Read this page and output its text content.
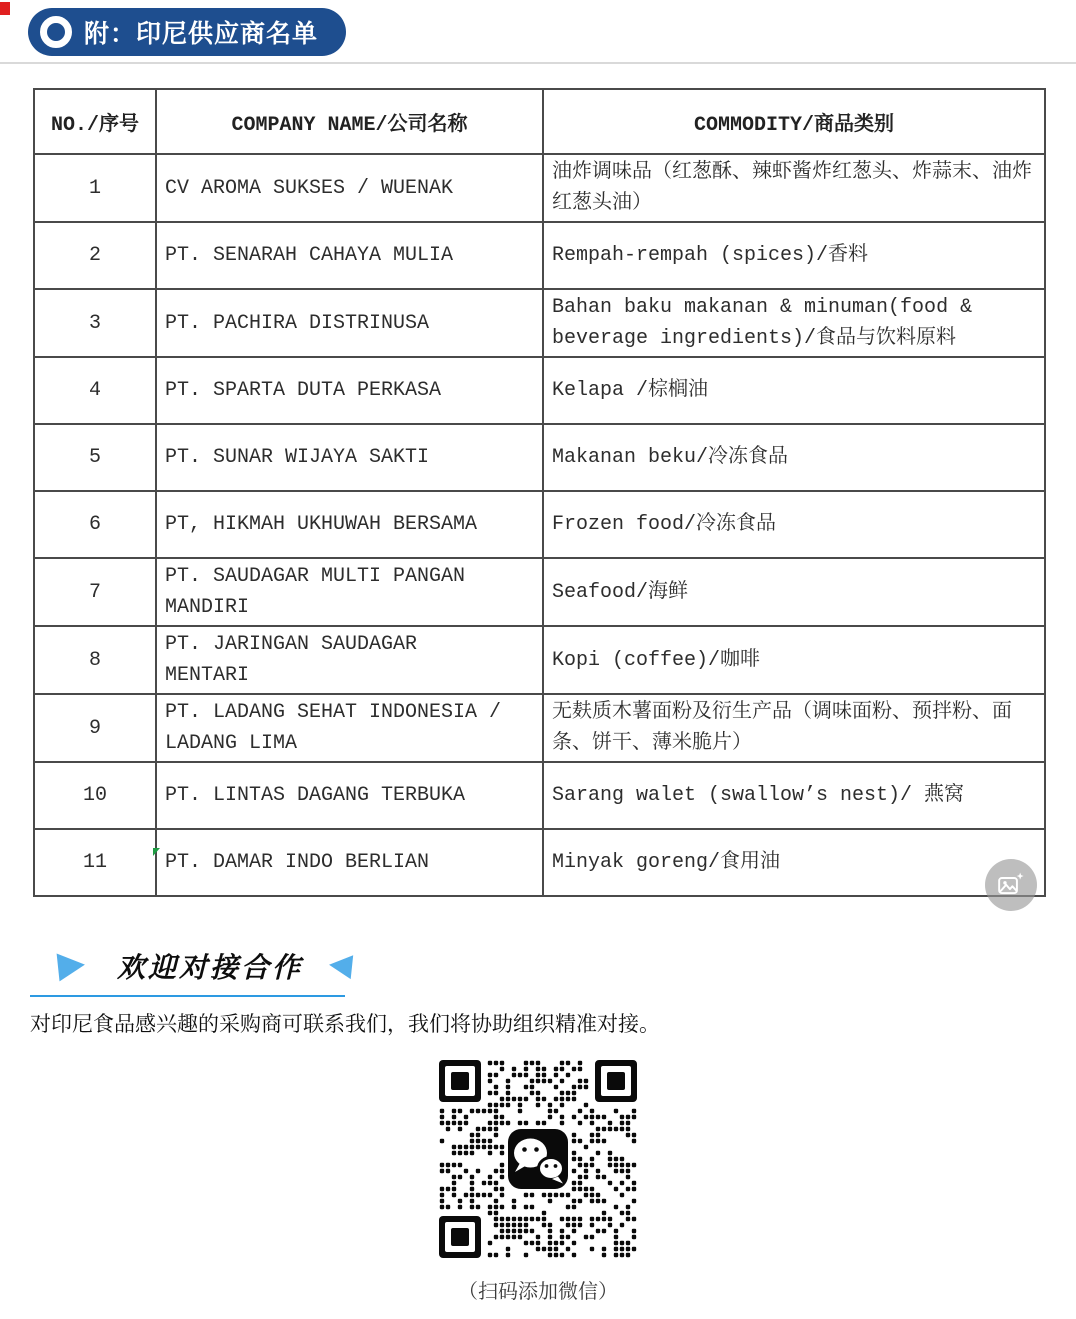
附：印尼供应商名单
NO./序号	COMPANY NAME/公司名称	COMMODITY/商品类别
1	CV AROMA SUKSES / WUENAK	油炸调味品（红葱酥、辣虾酱炸红葱头、炸蒜末、油炸红葱头油）
2	PT. SENARAH CAHAYA MULIA	Rempah-rempah (spices)/香料
3	PT. PACHIRA DISTRINUSA	Bahan baku makanan & minuman(food & beverage ingredients)/食品与饮料原料
4	PT. SPARTA DUTA PERKASA	Kelapa /棕榈油
5	PT. SUNAR WIJAYA SAKTI	Makanan beku/冷冻食品
6	PT, HIKMAH UKHUWAH BERSAMA	Frozen food/冷冻食品
7	PT. SAUDAGAR MULTI PANGAN MANDIRI	Seafood/海鲜
8	PT. JARINGAN SAUDAGAR MENTARI	Kopi (coffee)/咖啡
9	PT. LADANG SEHAT INDONESIA / LADANG LIMA	无麸质木薯面粉及衍生产品（调味面粉、预拌粉、面条、饼干、薄米脆片）
10	PT. LINTAS DAGANG TERBUKA	Sarang walet (swallow’s nest)/ 燕窝
11	PT. DAMAR INDO BERLIAN	Minyak goreng/食用油
欢迎对接合作

对印尼食品感兴趣的采购商可联系我们，我们将协助组织精准对接。

（扫码添加微信）
